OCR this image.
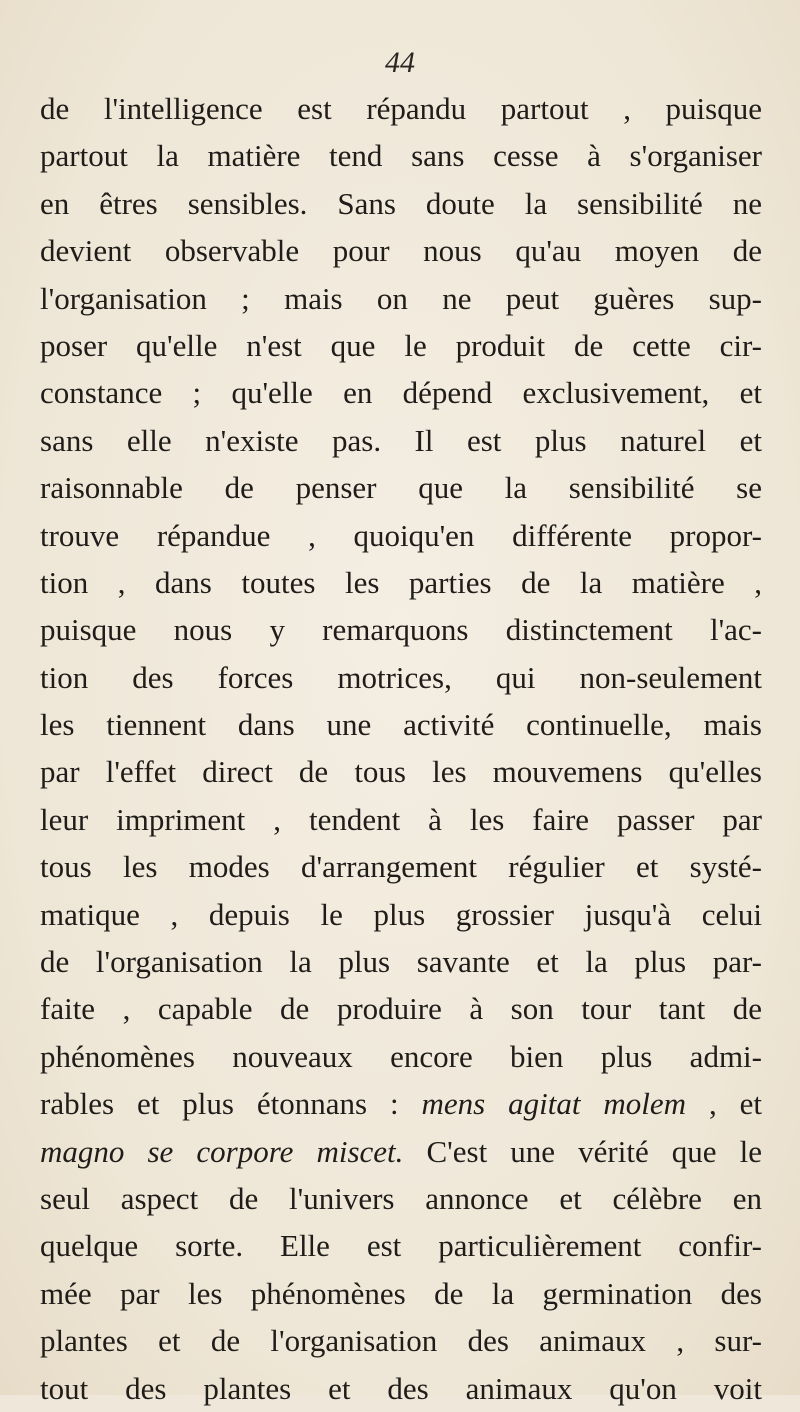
44
de l'intelligence est répandu partout , puisque
partout la matière tend sans cesse à s'organiser
en êtres sensibles. Sans doute la sensibilité ne
devient observable pour nous qu'au moyen de
l'organisation ; mais on ne peut guères sup-
poser qu'elle n'est que le produit de cette cir-
constance ; qu'elle en dépend exclusivement, et
sans elle n'existe pas. Il est plus naturel et
raisonnable de penser que la sensibilité se
trouve répandue , quoiqu'en différente propor-
tion , dans toutes les parties de la matière ,
puisque nous y remarquons distinctement l'ac-
tion des forces motrices, qui non-seulement
les tiennent dans une activité continuelle, mais
par l'effet direct de tous les mouvemens qu'elles
leur impriment , tendent à les faire passer par
tous les modes d'arrangement régulier et systé-
matique , depuis le plus grossier jusqu'à celui
de l'organisation la plus savante et la plus par-
faite , capable de produire à son tour tant de
phénomènes nouveaux encore bien plus admi-
rables et plus étonnans : mens agitat molem , et
magno se corpore miscet. C'est une vérité que le
seul aspect de l'univers annonce et célèbre en
quelque sorte. Elle est particulièrement confir-
mée par les phénomènes de la germination des
plantes et de l'organisation des animaux , sur-
tout des plantes et des animaux qu'on voit
